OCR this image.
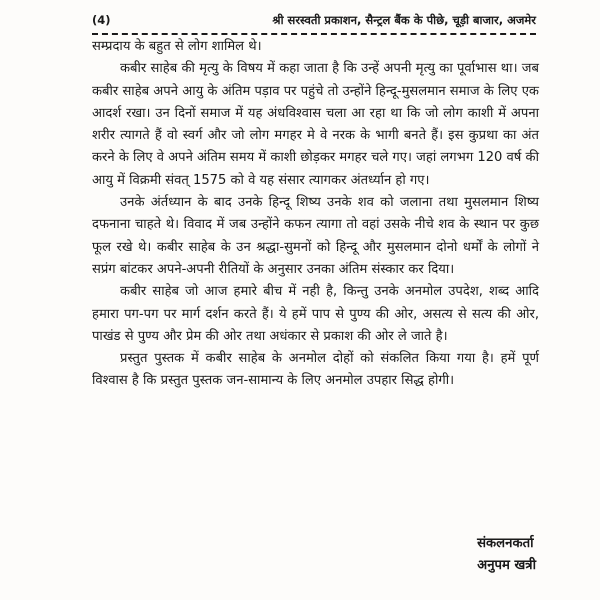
(4)	श्री सरस्वती प्रकाशन, सैन्ट्रल बैंक के पीछे, चूड़ी बाजार, अजमेर

सम्प्रदाय के बहुत से लोग शामिल थे।

कबीर साहेब की मृत्यु के विषय में कहा जाता है कि उन्हें अपनी मृत्यु का पूर्वाभास था। जब कबीर साहेब अपने आयु के अंतिम पड़ाव पर पहुंचे तो उन्होंने हिन्दू-मुसलमान समाज के लिए एक आदर्श रखा। उन दिनों समाज में यह अंधविश्वास चला आ रहा था कि जो लोग काशी में अपना शरीर त्यागते हैं वो स्वर्ग और जो लोग मगहर मे वे नरक के भागी बनते हैं। इस कुप्रथा का अंत करने के लिए वे अपने अंतिम समय में काशी छोड़कर मगहर चले गए। जहां लगभग 120 वर्ष की आयु में विक्रमी संवत् 1575 को वे यह संसार त्यागकर अंतर्ध्यान हो गए।

उनके अंर्तध्यान के बाद उनके हिन्दू शिष्य उनके शव को जलाना तथा मुसलमान शिष्य दफनाना चाहते थे। विवाद में जब उन्होंने कफन त्यागा तो वहां उसके नीचे शव के स्थान पर कुछ फूल रखे थे। कबीर साहेब के उन श्रद्धा-सुमनों को हिन्दू और मुसलमान दोनो धर्मों के लोगों ने सप्रंग बांटकर अपने-अपनी रीतियों के अनुसार उनका अंतिम संस्कार कर दिया।

कबीर साहेब जो आज हमारे बीच में नही है, किन्तु उनके अनमोल उपदेश, शब्द आदि हमारा पग-पग पर मार्ग दर्शन करते हैं। ये हमें पाप से पुण्य की ओर, असत्य से सत्य की ओर, पाखंड से पुण्य और प्रेम की ओर तथा अधंकार से प्रकाश की ओर ले जाते है।

प्रस्तुत पुस्तक में कबीर साहेब के अनमोल दोहों को संकलित किया गया है। हमें पूर्ण विश्वास है कि प्रस्तुत पुस्तक जन-सामान्य के लिए अनमोल उपहार सिद्ध होगी।

संकलनकर्ता
अनुपम खत्री
